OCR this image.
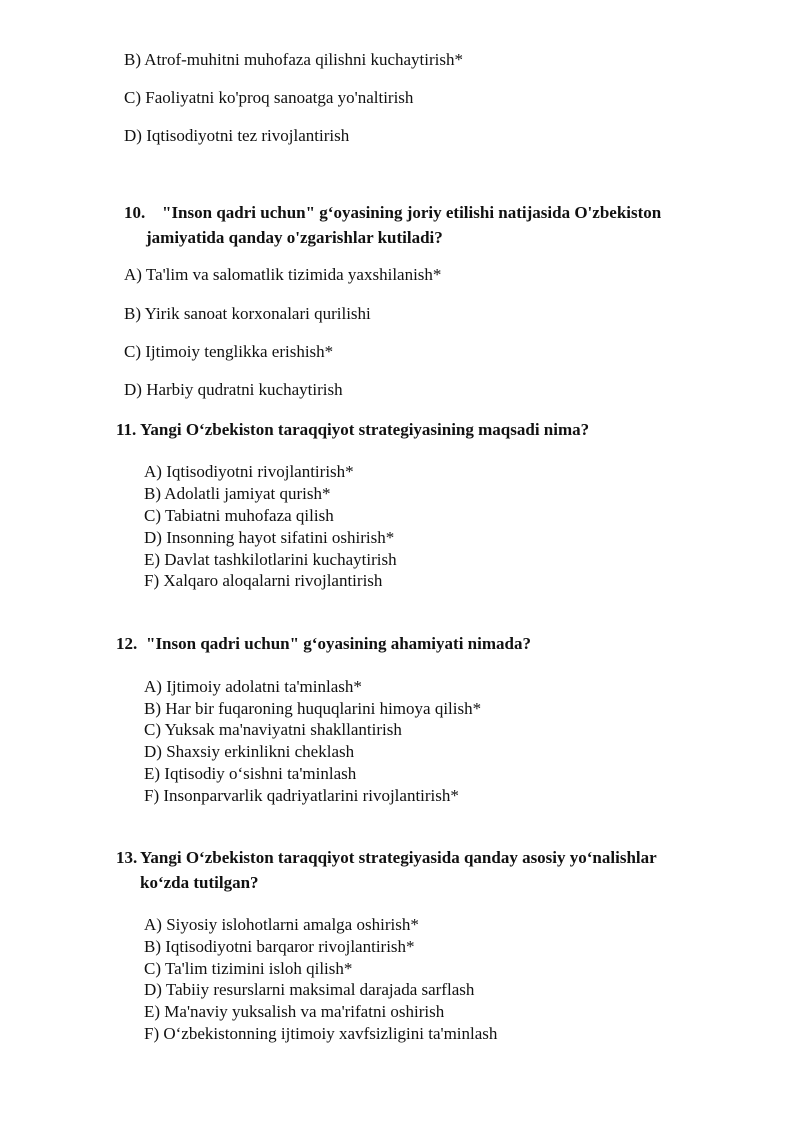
B) Atrof-muhitni muhofaza qilishni kuchaytirish*
C) Faoliyatni ko'proq sanoatga yo'naltirish
D) Iqtisodiyotni tez rivojlantirish
10. "Inson qadri uchun" g‘oyasining joriy etilishi natijasida O'zbekiston
jamiyatida qanday o'zgarishlar kutiladi?
A) Ta'lim va salomatlik tizimida yaxshilanish*
B) Yirik sanoat korxonalari qurilishi
C) Ijtimoiy tenglikka erishish*
D) Harbiy qudratni kuchaytirish
11. Yangi O‘zbekiston taraqqiyot strategiyasining maqsadi nima?
A) Iqtisodiyotni rivojlantirish*
B) Adolatli jamiyat qurish*
C) Tabiatni muhofaza qilish
D) Insonning hayot sifatini oshirish*
E) Davlat tashkilotlarini kuchaytirish
F) Xalqaro aloqalarni rivojlantirish
12. "Inson qadri uchun" g‘oyasining ahamiyati nimada?
A) Ijtimoiy adolatni ta'minlash*
B) Har bir fuqaroning huquqlarini himoya qilish*
C) Yuksak ma'naviyatni shakllantirish
D) Shaxsiy erkinlikni cheklash
E) Iqtisodiy o‘sishni ta'minlash
F) Insonparvarlik qadriyatlarini rivojlantirish*
13. Yangi O‘zbekiston taraqqiyot strategiyasida qanday asosiy yo‘nalishlar
ko‘zda tutilgan?
A) Siyosiy islohotlarni amalga oshirish*
B) Iqtisodiyotni barqaror rivojlantirish*
C) Ta'lim tizimini isloh qilish*
D) Tabiiy resurslarni maksimal darajada sarflash
E) Ma'naviy yuksalish va ma'rifatni oshirish
F) O‘zbekistonning ijtimoiy xavfsizligini ta'minlash
